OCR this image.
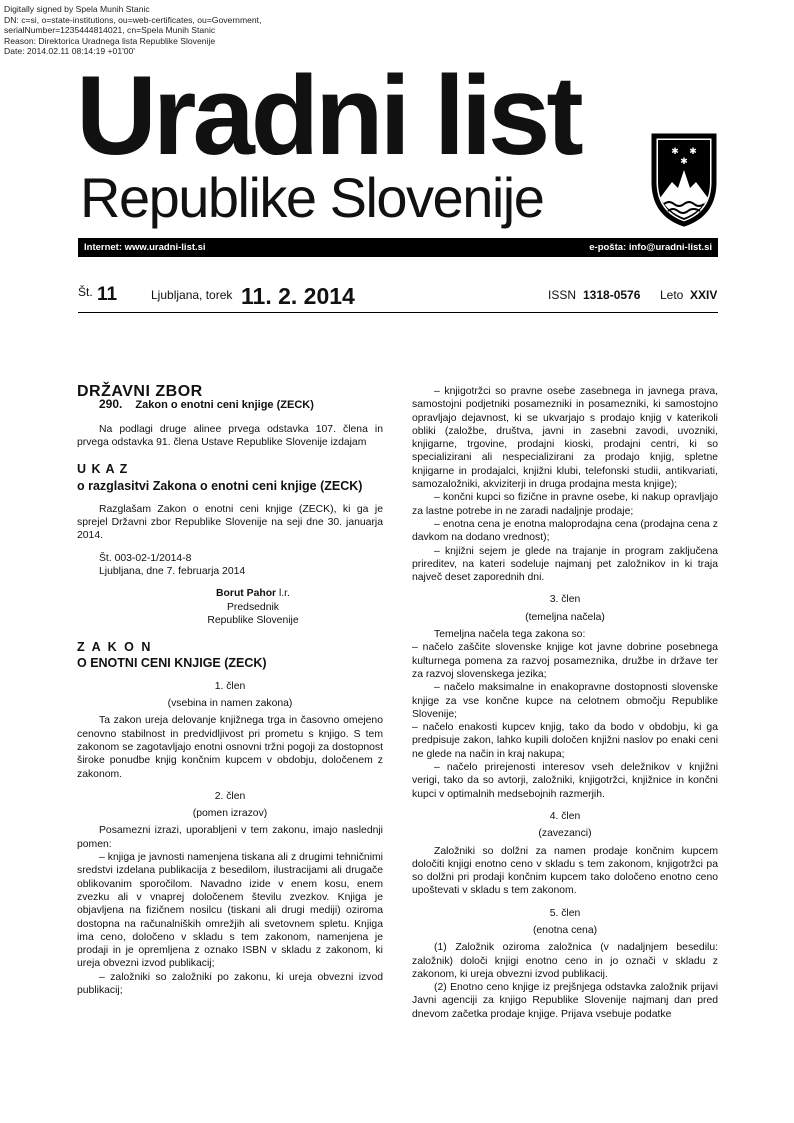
Digitally signed by Spela Munih Stanic
DN: c=si, o=state-institutions, ou=web-certificates, ou=Government,
serialNumber=1235444814021, cn=Spela Munih Stanic
Reason: Direktorica Uradnega lista Republike Slovenije
Date: 2014.02.11 08:14:19 +01'00'
Uradni list
Republike Slovenije
✱ ✱
✱
Internet: www.uradni-list.si	e-pošta: info@uradni-list.si
Št. 11	Ljubljana, torek 11. 2. 2014	ISSN 1318-0576 Leto XXIV

DRŽAVNI ZBOR

290. Zakon o enotni ceni knjige (ZECK)

Na podlagi druge alinee prvega odstavka 107. člena in prvega odstavka 91. člena Ustave Republike Slovenije izdajam

U K A Z

o razglasitvi Zakona o enotni ceni knjige (ZECK)

Razglašam Zakon o enotni ceni knjige (ZECK), ki ga je sprejel Državni zbor Republike Slovenije na seji dne 30. januarja 2014.

Št. 003-02-1/2014-8

Ljubljana, dne 7. februarja 2014

Borut Pahor l.r.

Predsednik

Republike Slovenije

Z A K O N

O ENOTNI CENI KNJIGE (ZECK)

1. člen

(vsebina in namen zakona)

Ta zakon ureja delovanje knjižnega trga in časovno omejeno cenovno stabilnost in predvidljivost pri prometu s knjigo. S tem zakonom se zagotavljajo enotni osnovni tržni pogoji za dostopnost široke ponudbe knjig končnim kupcem v obdobju, določenem z zakonom.

2. člen

(pomen izrazov)

Posamezni izrazi, uporabljeni v tem zakonu, imajo naslednji pomen:

– knjiga je javnosti namenjena tiskana ali z drugimi tehničnimi sredstvi izdelana publikacija z besedilom, ilustracijami ali drugače oblikovanim sporočilom. Navadno izide v enem kosu, enem zvezku ali v vnaprej določenem številu zvezkov. Knjiga je objavljena na fizičnem nosilcu (tiskani ali drugi mediji) oziroma dostopna na računalniških omrežjih ali svetovnem spletu. Knjiga ima ceno, določeno v skladu s tem zakonom, namenjena je prodaji in je opremljena z oznako ISBN v skladu z zakonom, ki ureja obvezni izvod publikacij;

– založniki so založniki po zakonu, ki ureja obvezni izvod publikacij;

– knjigotržci so pravne osebe zasebnega in javnega prava, samostojni podjetniki posamezniki in posamezniki, ki samostojno opravljajo dejavnost, ki se ukvarjajo s prodajo knjig v katerikoli obliki (založbe, društva, javni in zasebni zavodi, uvozniki, knjigarne, trgovine, prodajni kioski, prodajni centri, ki so specializirani ali nespecializirani za prodajo knjig, spletne knjigarne in prodajalci, knjižni klubi, telefonski studii, antikvariati, samozaložniki, akviziterji in druga prodajna mesta knjige);

– končni kupci so fizične in pravne osebe, ki nakup opravljajo za lastne potrebe in ne zaradi nadaljnje prodaje;

– enotna cena je enotna maloprodajna cena (prodajna cena z davkom na dodano vrednost);

– knjižni sejem je glede na trajanje in program zaključena prireditev, na kateri sodeluje najmanj pet založnikov in ki traja največ deset zaporednih dni.

3. člen

(temeljna načela)

Temeljna načela tega zakona so:

– načelo zaščite slovenske knjige kot javne dobrine posebnega kulturnega pomena za razvoj posameznika, družbe in države ter za razvoj slovenskega jezika;

– načelo maksimalne in enakopravne dostopnosti slovenske knjige za vse končne kupce na celotnem območju Republike Slovenije;

– načelo enakosti kupcev knjig, tako da bodo v obdobju, ki ga predpisuje zakon, lahko kupili določen knjižni naslov po enaki ceni ne glede na način in kraj nakupa;

– načelo prirejenosti interesov vseh deležnikov v knjižni verigi, tako da so avtorji, založniki, knjigotržci, knjižnice in končni kupci v optimalnih medsebojnih razmerjih.

4. člen

(zavezanci)

Založniki so dolžni za namen prodaje končnim kupcem določiti knjigi enotno ceno v skladu s tem zakonom, knjigotržci pa so dolžni pri prodaji končnim kupcem tako določeno enotno ceno upoštevati v skladu s tem zakonom.

5. člen

(enotna cena)

(1) Založnik oziroma založnica (v nadaljnjem besedilu: založnik) določi knjigi enotno ceno in jo označi v skladu z zakonom, ki ureja obvezni izvod publikacij.

(2) Enotno ceno knjige iz prejšnjega odstavka založnik prijavi Javni agenciji za knjigo Republike Slovenije najmanj dan pred dnevom začetka prodaje knjige. Prijava vsebuje podatke
